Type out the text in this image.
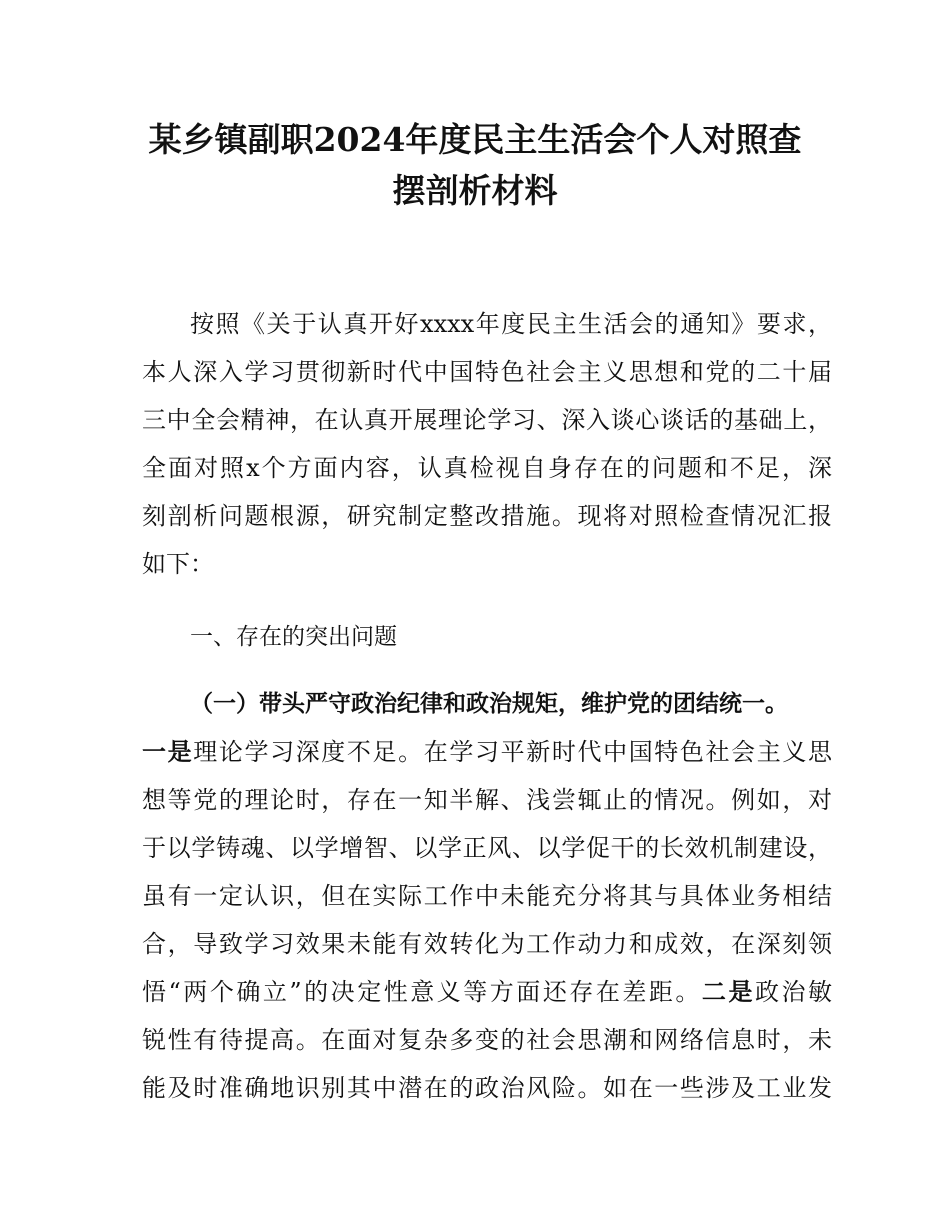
某乡镇副职2024年度民主生活会个人对照查
摆剖析材料
按照《关于认真开好xxxx年度民主生活会的通知》要求，
本人深入学习贯彻新时代中国特色社会主义思想和党的二十届
三中全会精神，在认真开展理论学习、深入谈心谈话的基础上，
全面对照x个方面内容，认真检视自身存在的问题和不足，深
刻剖析问题根源，研究制定整改措施。现将对照检查情况汇报
如下：
一、存在的突出问题
（一）带头严守政治纪律和政治规矩，维护党的团结统一。
一是理论学习深度不足。在学习平新时代中国特色社会主义思
想等党的理论时，存在一知半解、浅尝辄止的情况。例如，对
于以学铸魂、以学增智、以学正风、以学促干的长效机制建设，
虽有一定认识，但在实际工作中未能充分将其与具体业务相结
合，导致学习效果未能有效转化为工作动力和成效，在深刻领
悟“两个确立”的决定性意义等方面还存在差距。二是政治敏
锐性有待提高。在面对复杂多变的社会思潮和网络信息时，未
能及时准确地识别其中潜在的政治风险。如在一些涉及工业发
